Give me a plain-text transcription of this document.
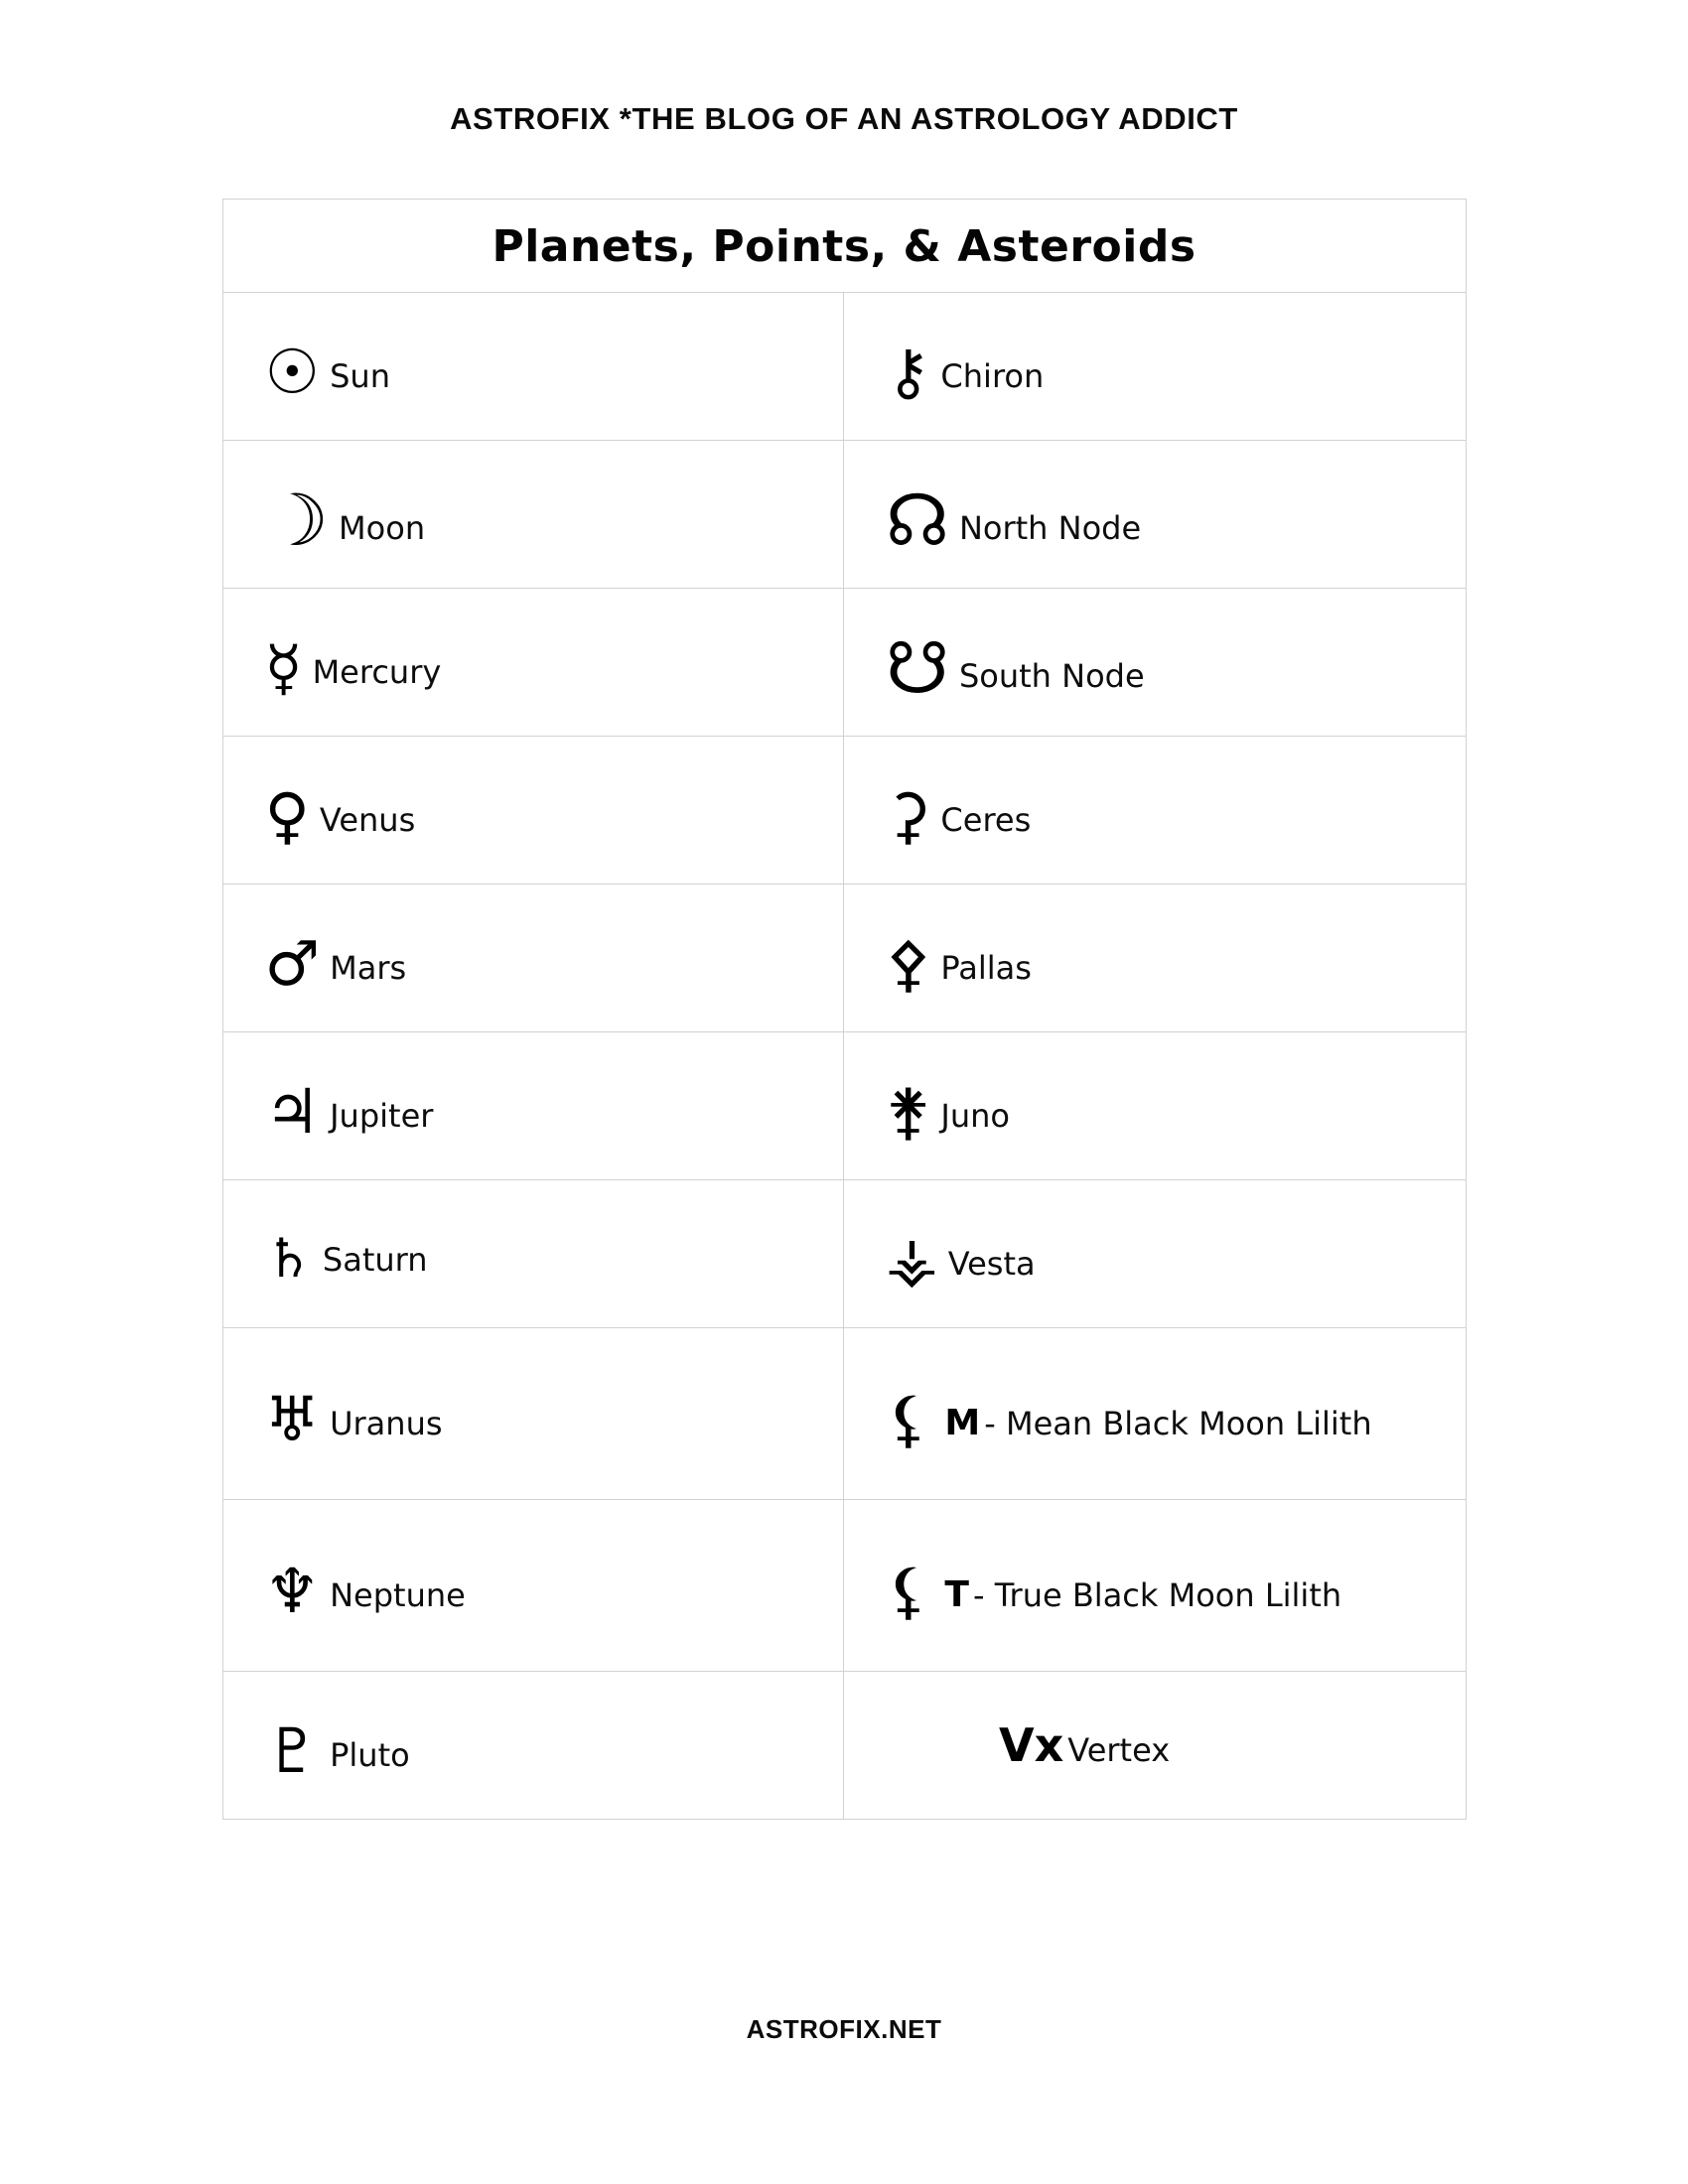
ASTROFIX *THE BLOG OF AN ASTROLOGY ADDICT
Planets, Points, & Asteroids
☉ Sun	⚷ Chiron
☽ Moon	☊ North Node
☿ Mercury	☋ South Node
♀ Venus	⚳ Ceres
♂ Mars	⚴ Pallas
♃ Jupiter	⚵ Juno
♄ Saturn	⚶ Vesta
♅ Uranus	⚸ M - Mean Black Moon Lilith
♆ Neptune	⚸ T - True Black Moon Lilith
♇ Pluto	Vx Vertex
ASTROFIX.NET
